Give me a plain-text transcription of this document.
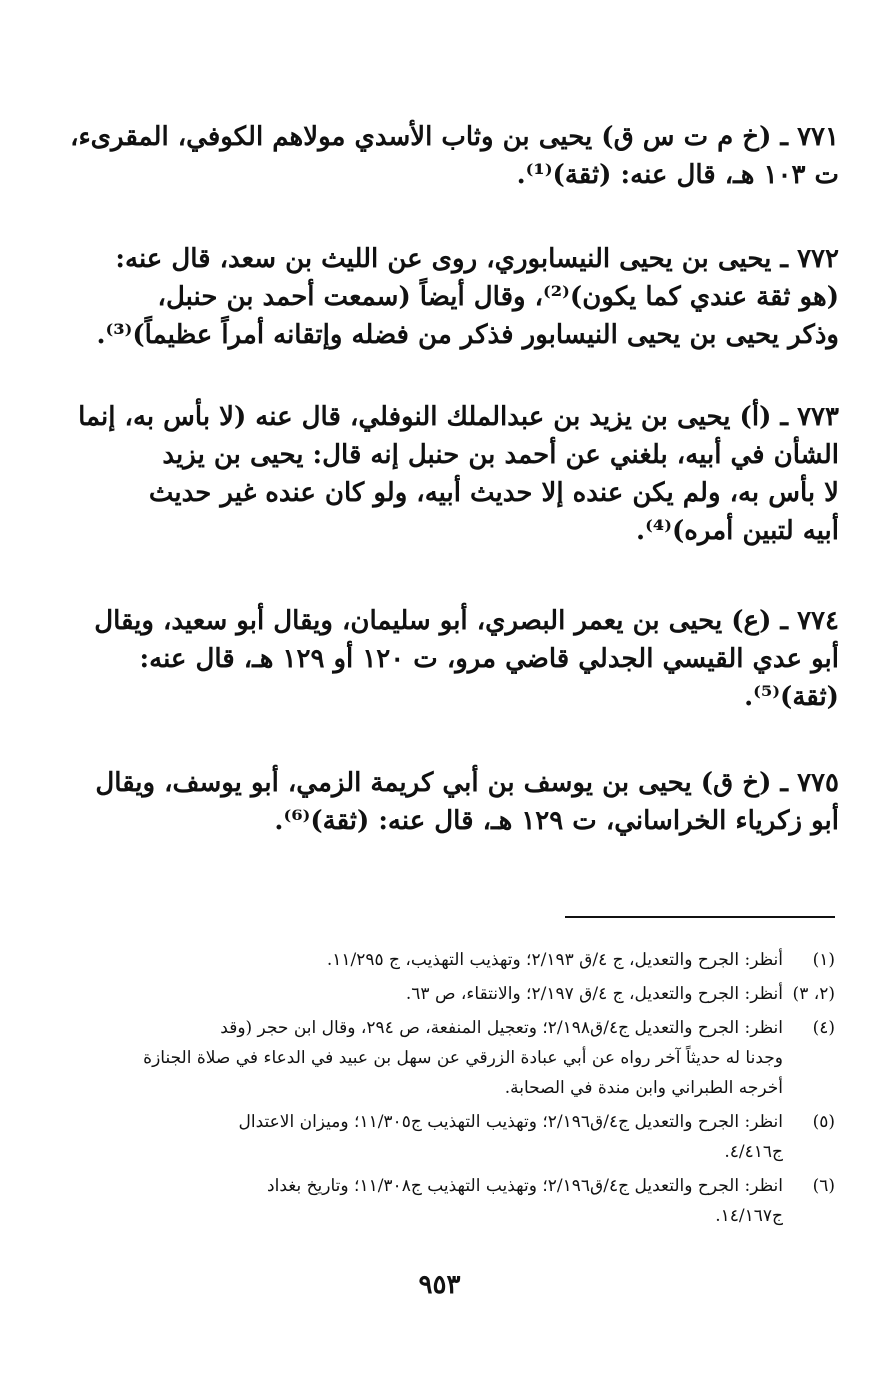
٧٧١ ـ (خ م ت س ق) يحيى بن وثاب الأسدي مولاهم الكوفي، المقرىء،
ت ١٠٣ هـ، قال عنه: (ثقة)⁽¹⁾.
٧٧٢ ـ يحيى بن يحيى النيسابوري، روى عن الليث بن سعد، قال عنه:
(هو ثقة عندي كما يكون)⁽²⁾، وقال أيضاً (سمعت أحمد بن حنبل،
وذكر يحيى بن يحيى النيسابور فذكر من فضله وإتقانه أمراً عظيماً)⁽³⁾.
٧٧٣ ـ (أ) يحيى بن يزيد بن عبدالملك النوفلي، قال عنه (لا بأس به، إنما
الشأن في أبيه، بلغني عن أحمد بن حنبل إنه قال: يحيى بن يزيد
لا بأس به، ولم يكن عنده إلا حديث أبيه، ولو كان عنده غير حديث
أبيه لتبين أمره)⁽⁴⁾.
٧٧٤ ـ (ع) يحيى بن يعمر البصري، أبو سليمان، ويقال أبو سعيد، ويقال
أبو عدي القيسي الجدلي قاضي مرو، ت ١٢٠ أو ١٢٩ هـ، قال عنه:
(ثقة)⁽⁵⁾.
٧٧٥ ـ (خ ق) يحيى بن يوسف بن أبي كريمة الزمي، أبو يوسف، ويقال
أبو زكرياء الخراساني، ت ١٢٩ هـ، قال عنه: (ثقة)⁽⁶⁾.
(١)
أنظر: الجرح والتعديل، ج ٤/ق ٢/١٩٣؛ وتهذيب التهذيب، ج ١١/٢٩٥.
(٢، ٣)
أنظر: الجرح والتعديل، ج ٤/ق ٢/١٩٧؛ والانتقاء، ص ٦٣.
(٤)
انظر: الجرح والتعديل ج٤/ق٢/١٩٨؛ وتعجيل المنفعة، ص ٢٩٤، وقال ابن حجر (وقد
وجدنا له حديثاً آخر رواه عن أبي عبادة الزرقي عن سهل بن عبيد في الدعاء في صلاة الجنازة
أخرجه الطبراني وابن مندة في الصحابة.
(٥)
انظر: الجرح والتعديل ج٤/ق٢/١٩٦؛ وتهذيب التهذيب ج١١/٣٠٥؛ وميزان الاعتدال
ج٤/٤١٦.
(٦)
انظر: الجرح والتعديل ج٤/ق٢/١٩٦؛ وتهذيب التهذيب ج١١/٣٠٨؛ وتاريخ بغداد
ج١٤/١٦٧.
٩٥٣
